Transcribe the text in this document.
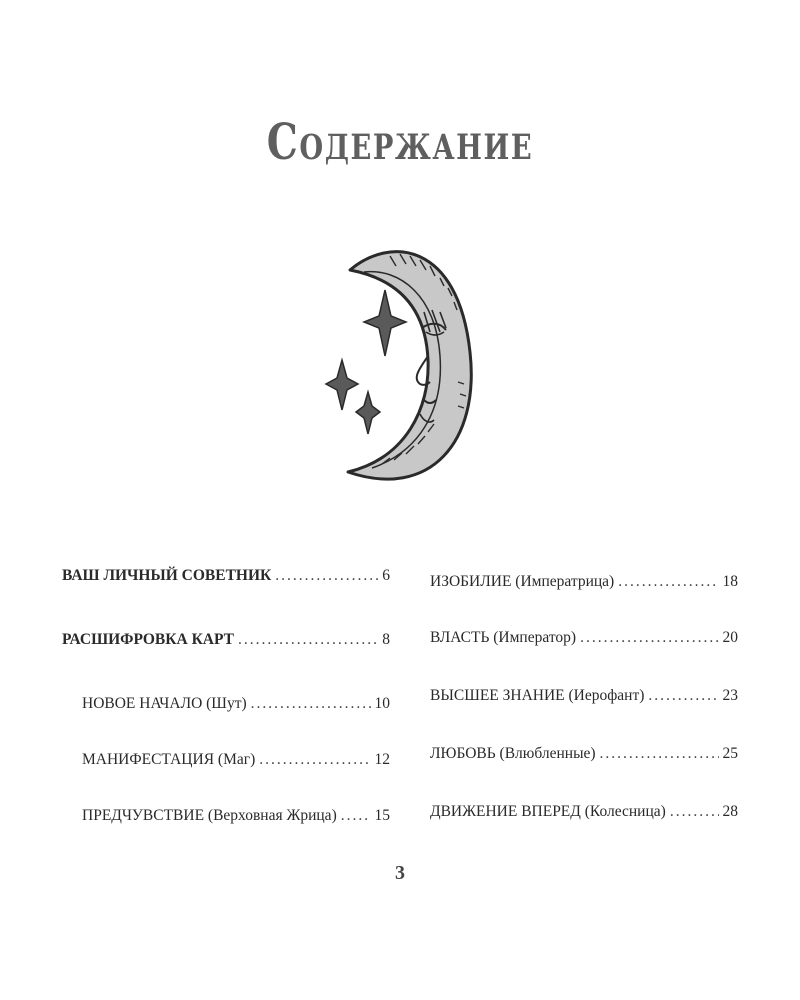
Содержание
ВАШ ЛИЧНЫЙ СОВЕТНИК .....	6
РАСШИФРОВКА КАРТ .....	8
НОВОЕ НАЧАЛО (Шут) .....	10
МАНИФЕСТАЦИЯ (Маг) .....	12
ПРЕДЧУВСТВИЕ (Верховная Жрица) ..... 15
ИЗОБИЛИЕ (Императрица) .....	18
ВЛАСТЬ (Император) .....	20
ВЫСШЕЕ ЗНАНИЕ (Иерофант) .....	23
ЛЮБОВЬ (Влюбленные) .....	25
ДВИЖЕНИЕ ВПЕРЕД (Колесница) .....	28
3
